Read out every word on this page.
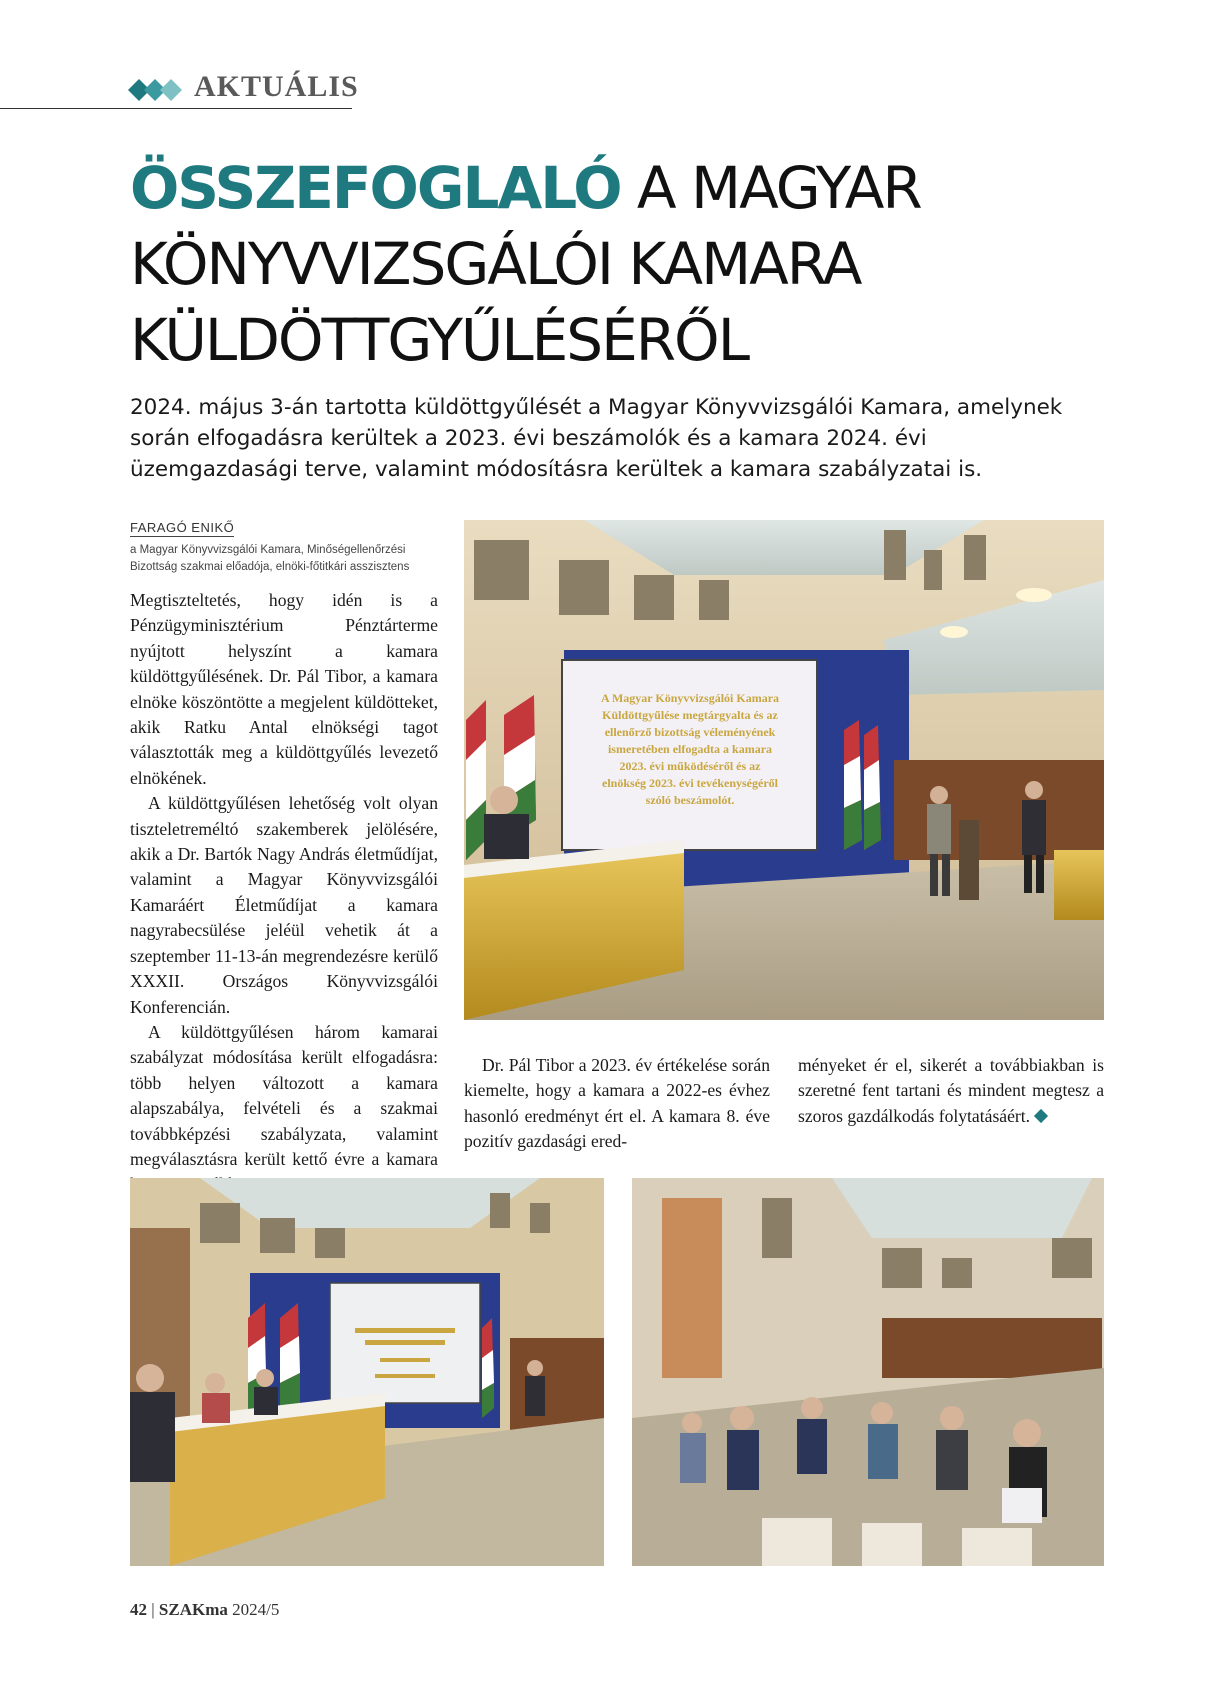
AKTUÁLIS
ÖSSZEFOGLALÓ A MAGYAR
KÖNYVVIZSGÁLÓI KAMARA
KÜLDÖTTGYŰLÉSÉRŐL

2024. május 3-án tartotta küldöttgyűlését a Magyar Könyvvizsgálói Kamara, amelynek során elfogadásra kerültek a 2023. évi beszámolók és a kamara 2024. évi üzemgazdasági terve, valamint módosításra kerültek a kamara szabályzatai is.

FARAGÓ ENIKŐ

a Magyar Könyvvizsgálói Kamara, Minőségellenőrzési Bizottság szakmai előadója, elnöki-főtitkári asszisztens

Megtiszteltetés, hogy idén is a Pénzügyminisztérium Pénztárterme nyújtott helyszínt a kamara küldöttgyűlésének. Dr. Pál Tibor, a kamara elnöke köszöntötte a megjelent küldötteket, akik Ratku Antal elnökségi tagot választották meg a küldöttgyűlés levezető elnökének.

A küldöttgyűlésen lehetőség volt olyan tiszteletreméltó szakemberek jelölésére, akik a Dr. Bartók Nagy András életműdíjat, valamint a Magyar Könyvvizsgálói Kamaráért Életműdíjat a kamara nagyrabecsülése jeléül vehetik át a szeptember 11-13-án megrendezésre kerülő XXXII. Országos Könyvvizsgálói Konferencián.

A küldöttgyűlésen három kamarai szabályzat módosítása került elfogadásra: több helyen változott a kamara alapszabálya, felvételi és a szakmai továbbképzési szabályzata, valamint megválasztásra került kettő évre a kamara

Dr. Pál Tibor a 2023. év értékelése során kiemelte, hogy a kamara a 2022-es évhez hasonló eredményt ért el. A kamara 8. éve pozitív gazdasági ered-

ményeket ér el, sikerét a továbbiakban is szeretné fent tartani és mindent megtesz a szoros gazdálkodás folytatásáért.

A Magyar Könyvvizsgálói Kamara
Küldöttgyűlése megtárgyalta és az
ellenőrző bizottság véleményének
ismeretében elfogadta a kamara
2023. évi működéséről és az
elnökség 2023. évi tevékenységéről
szóló beszámolót.
42 | SZAKma 2024/5
